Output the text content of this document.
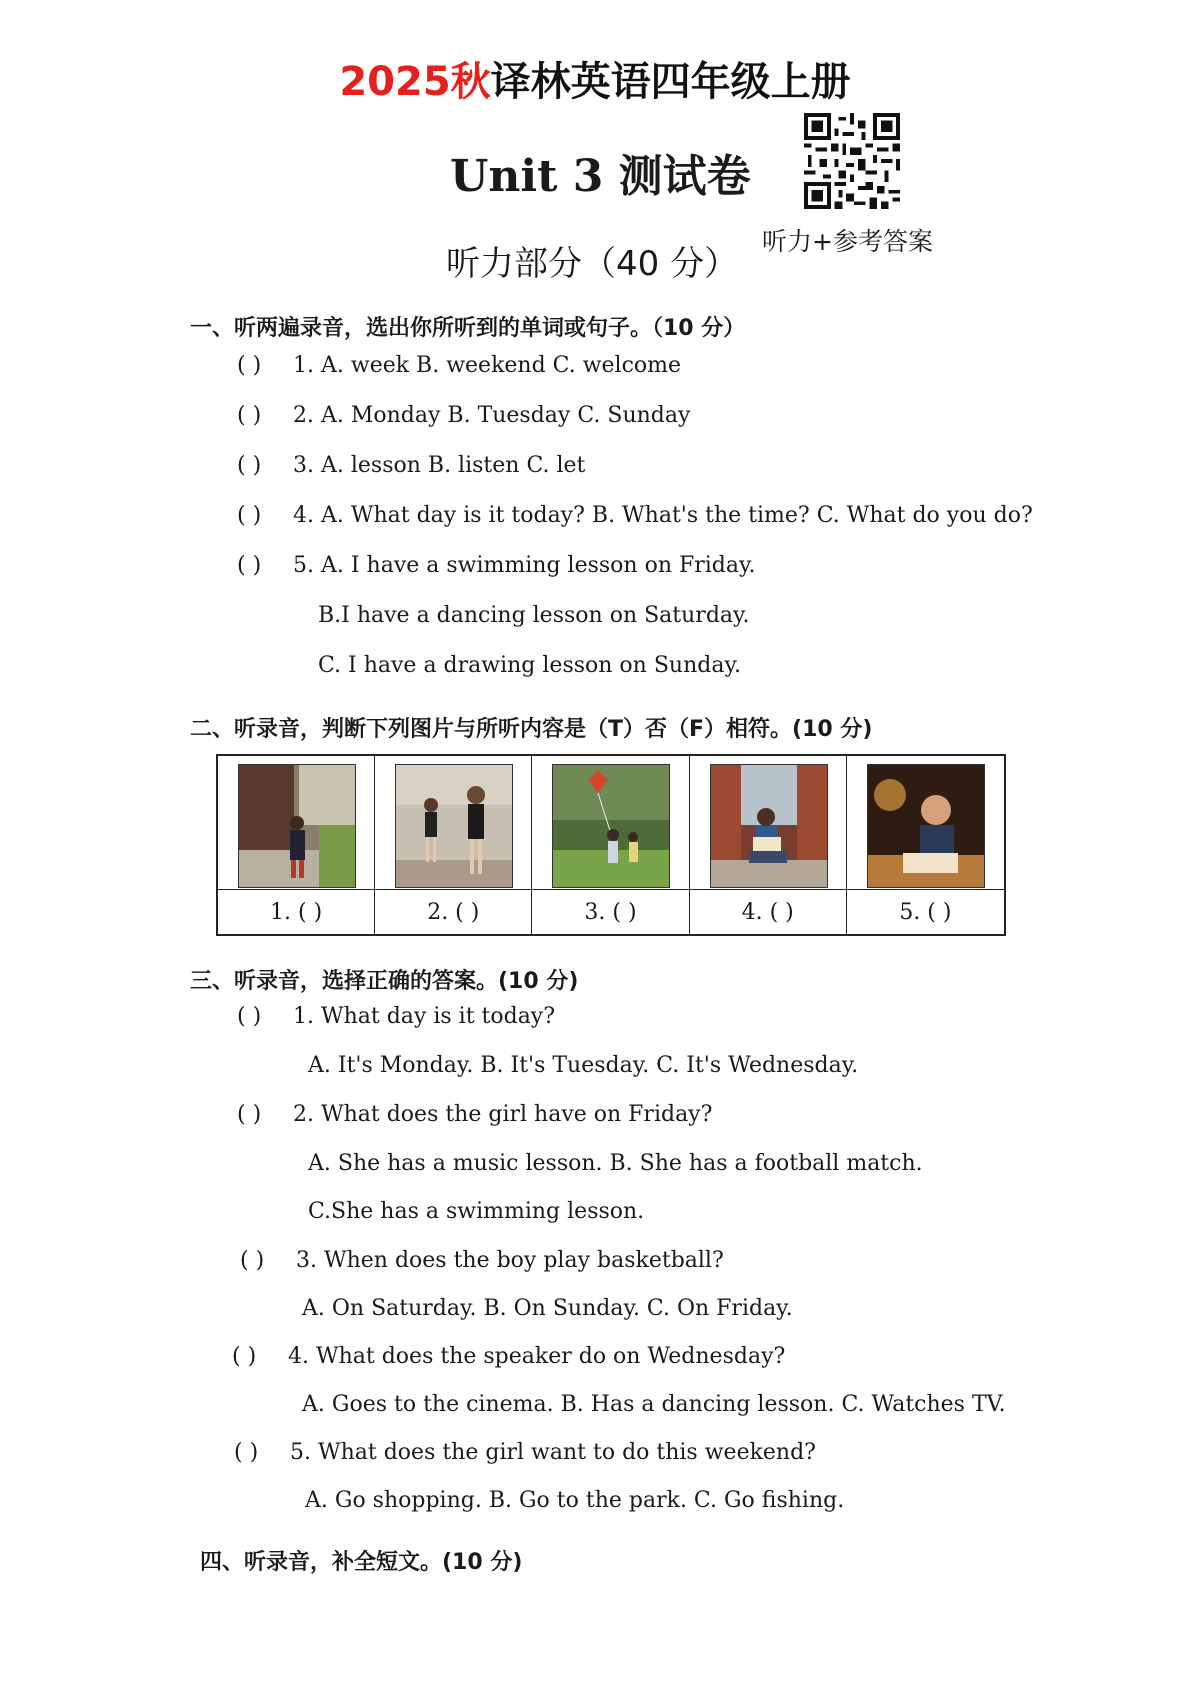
2025秋译林英语四年级上册
Unit 3 测试卷
听力+参考答案
听力部分（40 分）
一、听两遍录音，选出你所听到的单词或句子。（10 分）
( ) 1. A. week B. weekend C. welcome
( ) 2. A. Monday B. Tuesday C. Sunday
( ) 3. A. lesson B. listen C. let
( ) 4. A. What day is it today? B. What's the time? C. What do you do?
( ) 5. A. I have a swimming lesson on Friday.
B.I have a dancing lesson on Saturday.
C. I have a drawing lesson on Sunday.
二、听录音，判断下列图片与所听内容是（T）否（F）相符。(10 分)
1. ( )	2. ( )	3. ( )	4. ( )	5. ( )
三、听录音，选择正确的答案。(10 分)
( ) 1. What day is it today?
A. It's Monday. B. It's Tuesday. C. It's Wednesday.
( ) 2. What does the girl have on Friday?
A. She has a music lesson. B. She has a football match.
C.She has a swimming lesson.
( ) 3. When does the boy play basketball?
A. On Saturday. B. On Sunday. C. On Friday.
( ) 4. What does the speaker do on Wednesday?
A. Goes to the cinema. B. Has a dancing lesson. C. Watches TV.
( ) 5. What does the girl want to do this weekend?
A. Go shopping. B. Go to the park. C. Go fishing.
四、听录音，补全短文。(10 分)
